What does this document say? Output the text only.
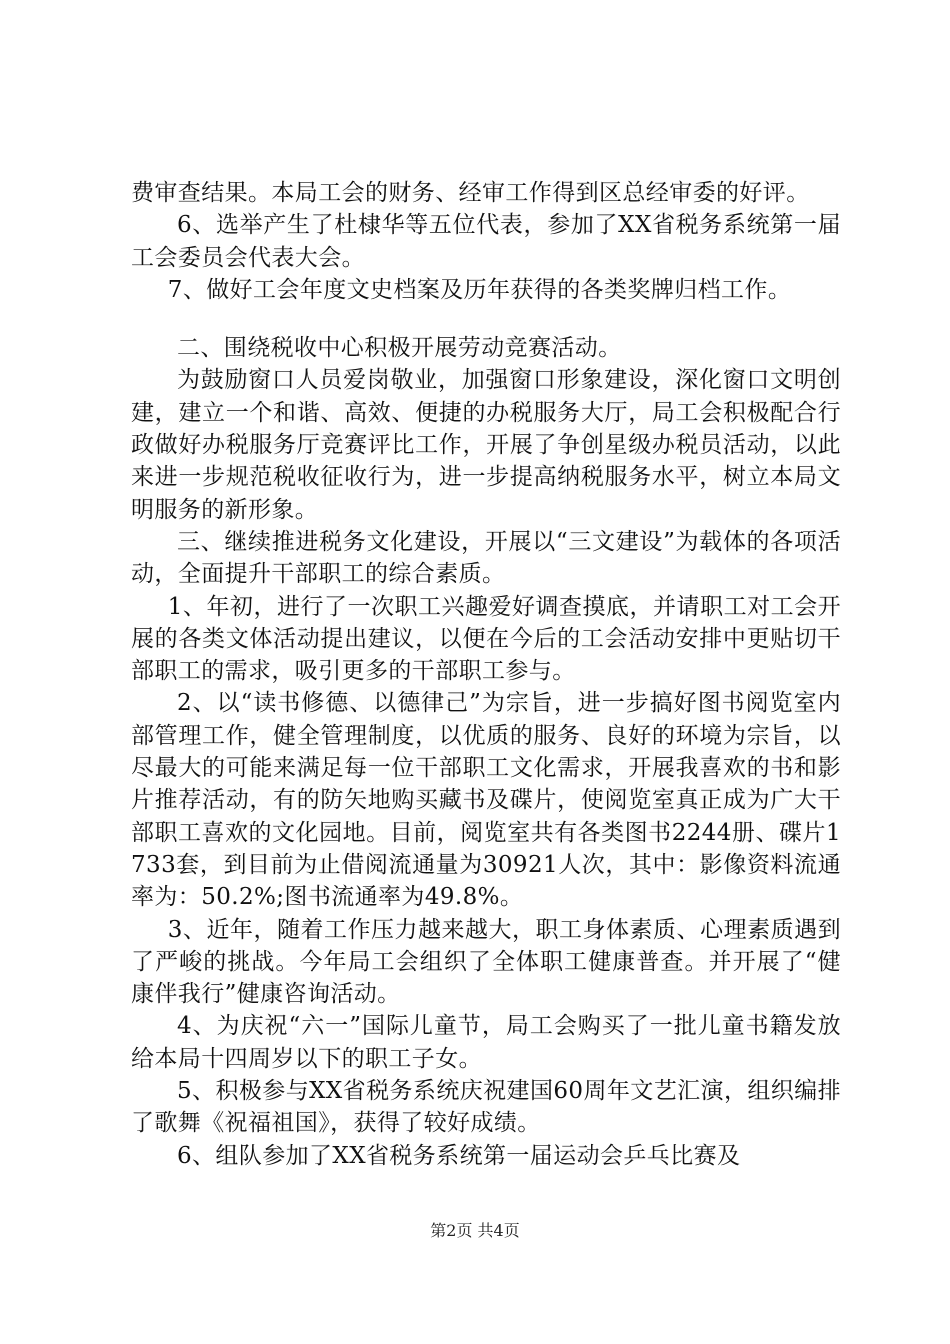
费审查结果。本局工会的财务、经审工作得到区总经审委的好评。

6、选举产生了杜棣华等五位代表，参加了XX省税务系统第一届工会委员会代表大会。

7、做好工会年度文史档案及历年获得的各类奖牌归档工作。

二、围绕税收中心积极开展劳动竞赛活动。

为鼓励窗口人员爱岗敬业，加强窗口形象建设，深化窗口文明创建，建立一个和谐、高效、便捷的办税服务大厅，局工会积极配合行政做好办税服务厅竞赛评比工作，开展了争创星级办税员活动，以此来进一步规范税收征收行为，进一步提高纳税服务水平，树立本局文明服务的新形象。

三、继续推进税务文化建设，开展以“三文建设”为载体的各项活动，全面提升干部职工的综合素质。

1、年初，进行了一次职工兴趣爱好调查摸底，并请职工对工会开展的各类文体活动提出建议，以便在今后的工会活动安排中更贴切干部职工的需求，吸引更多的干部职工参与。

2、以“读书修德、以德律己”为宗旨，进一步搞好图书阅览室内部管理工作，健全管理制度，以优质的服务、良好的环境为宗旨，以尽最大的可能来满足每一位干部职工文化需求，开展我喜欢的书和影片推荐活动，有的防矢地购买藏书及碟片，使阅览室真正成为广大干部职工喜欢的文化园地。目前，阅览室共有各类图书2244册、碟片1733套，到目前为止借阅流通量为30921人次，其中：影像资料流通率为：50.2%;图书流通率为49.8%。

3、近年，随着工作压力越来越大，职工身体素质、心理素质遇到了严峻的挑战。今年局工会组织了全体职工健康普查。并开展了“健康伴我行”健康咨询活动。

4、为庆祝“六一”国际儿童节，局工会购买了一批儿童书籍发放给本局十四周岁以下的职工子女。

5、积极参与XX省税务系统庆祝建国60周年文艺汇演，组织编排了歌舞《祝福祖国》，获得了较好成绩。

6、组队参加了XX省税务系统第一届运动会乒乓比赛及

第2页 共4页
